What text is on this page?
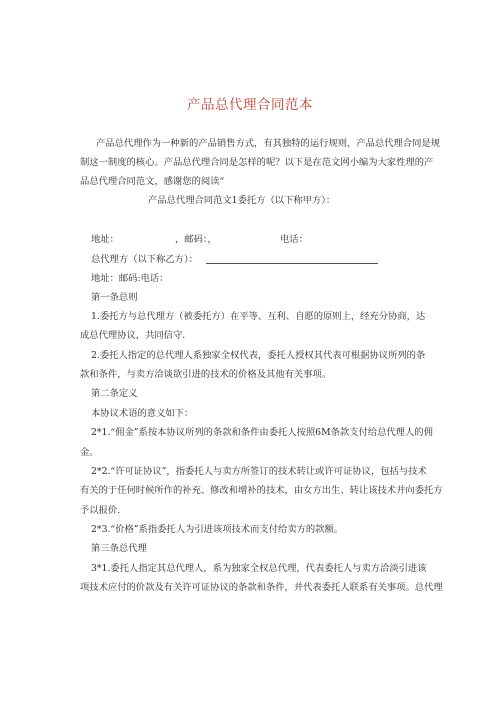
产品总代理合同范本
产品总代理作为一种新的产品销售方式，有其独特的运行规则，产品总代理合同是规
制这一制度的核心。产品总代理合同是怎样的呢？以下是在范文网小编为大家性理的产
品总代理合同范文，感谢您的阅读“
产品总代理合同范文1委托方（以下称甲方）：
地址：	，邮码：，	电话：
总代理方（以下称乙方）：
地址：邮码:电话：
第一条总则
1.委托方与总代理方（被委托方）在平等、互利、自愿的原则上，经充分协商，达
成总代理协议，共同信守.
2.委托人指定的总代理人系独家全权代表，委托人授权其代表可根据协议所列的条
款和条件，与卖方洽谈欲引进的技术的价格及其他有关事项。
第二条定义
本协议术语的意义如下：
2*1.“佣金”系按本协议所列的条款和条件由委托人按照6M条款支付给总代理人的佣
金。
2*2.“许可证协议”，指委托人与卖方所签订的技术转让或许可证协议，包括与技术
有关的于任何时候所作的补充、修改和增补的技术，由女方出生、转让该技术并向委托方
予以报价.
2*3.“价格”系指委托人为引进该项技术而支付给卖方的款额。
第三条总代理
3*1.委托人指定其总代理人，系为独家全权总代理，代表委托人与卖方洽淡引进该
项技术应付的价款及有关许可证协议的条款和条件，并代表委托人联系有关事项。总代理
